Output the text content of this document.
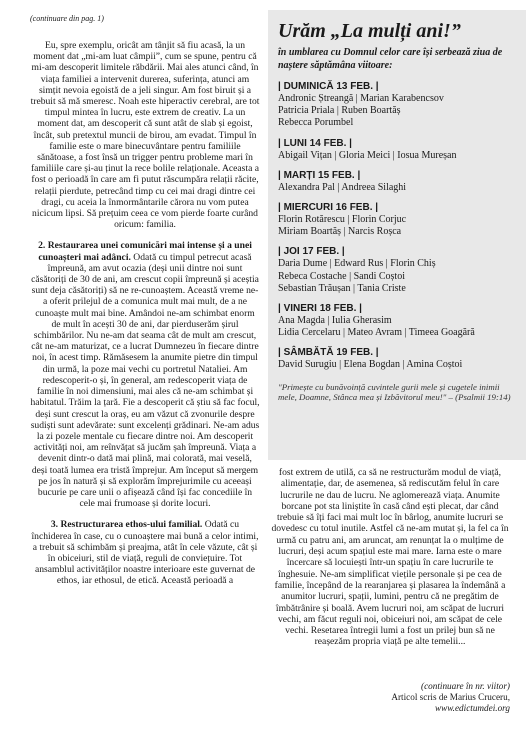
(continuare din pag. 1)

Eu, spre exemplu, oricât am tânjit să fiu acasă, la un moment dat „mi-am luat câmpii”, cum se spune, pentru că mi-am descoperit limitele răbdării. Mai ales atunci când, în viața familiei a intervenit durerea, suferința, atunci am simțit nevoia egoistă de a jeli singur. Am fost biruit și a trebuit să mă smeresc. Noah este hiperactiv cerebral, are tot timpul mintea în lucru, este extrem de creativ. La un moment dat, am descoperit că sunt atât de slab și egoist, încât, sub pretextul muncii de birou, am evadat. Timpul în familie este o mare binecuvântare pentru familiile sănătoase, a fost însă un trigger pentru probleme mari în familiile care și-au ținut la rece bolile relaționale. Aceasta a fost o perioadă în care am fi putut răscumpăra relații răcite, relații pierdute, petrecând timp cu cei mai dragi dintre cei dragi, cu aceia la înmormântarile cărora nu vom putea nicicum lipsi. Să prețuim ceea ce vom pierde foarte curând oricum: familia.

2. Restaurarea unei comunicări mai intense și a unei cunoașteri mai adânci. Odată cu timpul petrecut acasă împreună, am avut ocazia (deși unii dintre noi sunt căsătoriți de 30 de ani, am crescut copii împreună și aceștia sunt deja căsătoriți) să ne re-cunoaștem. Această vreme ne-a oferit prilejul de a comunica mult mai mult, de a ne cunoaște mult mai bine. Amândoi ne-am schimbat enorm de mult în acești 30 de ani, dar pierduserăm șirul schimbărilor. Nu ne-am dat seama cât de mult am crescut, cât ne-am maturizat, ce a lucrat Dumnezeu în fiecare dintre noi, în acest timp. Rămăsesem la anumite pietre din timpul din urmă, la poze mai vechi cu portretul Nataliei. Am redescoperit-o și, în general, am redescoperit viața de familie în noi dimensiuni, mai ales că ne-am schimbat și habitatul. Trăim la țară. Fie a descoperit că știu să fac focul, deși sunt crescut la oraș, eu am văzut că zvonurile despre sudiști sunt adevărate: sunt excelenți grădinari. Ne-am adus la zi pozele mentale cu fiecare dintre noi. Am descoperit activități noi, am reînvățat să jucăm șah împreună. Viața a devenit dintr-o dată mai plină, mai colorată, mai veselă, deși toată lumea era tristă împrejur. Am început să mergem pe jos în natură și să explorăm împrejurimile cu aceeași bucurie pe care unii o afișează când își fac concediile în cele mai frumoase și dorite locuri.

3. Restructurarea ethos-ului familial. Odată cu închiderea în case, cu o cunoaștere mai bună a celor intimi, a trebuit să schimbăm și preajma, atât în cele văzute, cât și în obiceiuri, stil de viață, reguli de conviețuire. Tot ansamblul activităților noastre interioare este guvernat de ethos, iar ethosul, de etică. Această perioadă a

Urăm „La mulți ani!”
în umblarea cu Domnul celor care își serbează ziua de naștere săptămâna viitoare:
| DUMINICĂ 13 FEB. |
Andronic Ștreangă | Marian Karabencsov
Patricia Priala | Ruben Boartăș
Rebecca Porumbel
| LUNI 14 FEB. |
Abigail Vițan | Gloria Meici | Iosua Mureșan
| MARȚI 15 FEB. |
Alexandra Pal | Andreea Silaghi
| MIERCURI 16 FEB. |
Florin Rotărescu | Florin Corjuc
Miriam Boartăș | Narcis Roșca
| JOI 17 FEB. |
Daria Dume | Edward Rus | Florin Chiș
Rebeca Costache | Sandi Coștoi
Sebastian Trăușan | Tania Criste
| VINERI 18 FEB. |
Ana Magda | Iulia Gherasim
Lidia Cercelaru | Mateo Avram | Timeea Goagără
| SÂMBĂTĂ 19 FEB. |
David Surugiu | Elena Bogdan | Amina Coștoi
"Primește cu bunăvoință cuvintele gurii mele și cugetele inimii mele, Doamne, Stânca mea și Izbăvitorul meu!" – (Psalmii 19:14)

fost extrem de utilă, ca să ne restructurăm modul de viață, alimentație, dar, de asemenea, să rediscutăm felul în care lucrurile ne dau de lucru. Ne aglomerează viața. Anumite borcane pot sta liniștite în casă când ești plecat, dar când trebuie să îți faci mai mult loc în bârlog, anumite lucruri se dovedesc cu totul inutile. Astfel că ne-am mutat și, la fel ca în urmă cu patru ani, am aruncat, am renunțat la o mulțime de lucruri, deși acum spațiul este mai mare. Iarna este o mare încercare să locuiești într-un spațiu în care lucrurile te înghesuie. Ne-am simplificat viețile personale și pe cea de familie, începând de la rearanjarea și plasarea la îndemână a anumitor lucruri, spații, lumini, pentru că ne pregătim de îmbătrânire și boală. Avem lucruri noi, am scăpat de lucruri vechi, am făcut reguli noi, obiceiuri noi, am scăpat de cele vechi. Resetarea întregii lumi a fost un prilej bun să ne reașezăm propria viață pe alte temelii...

(continuare în nr. viitor)
Articol scris de Marius Cruceru,
www.edictumdei.org
